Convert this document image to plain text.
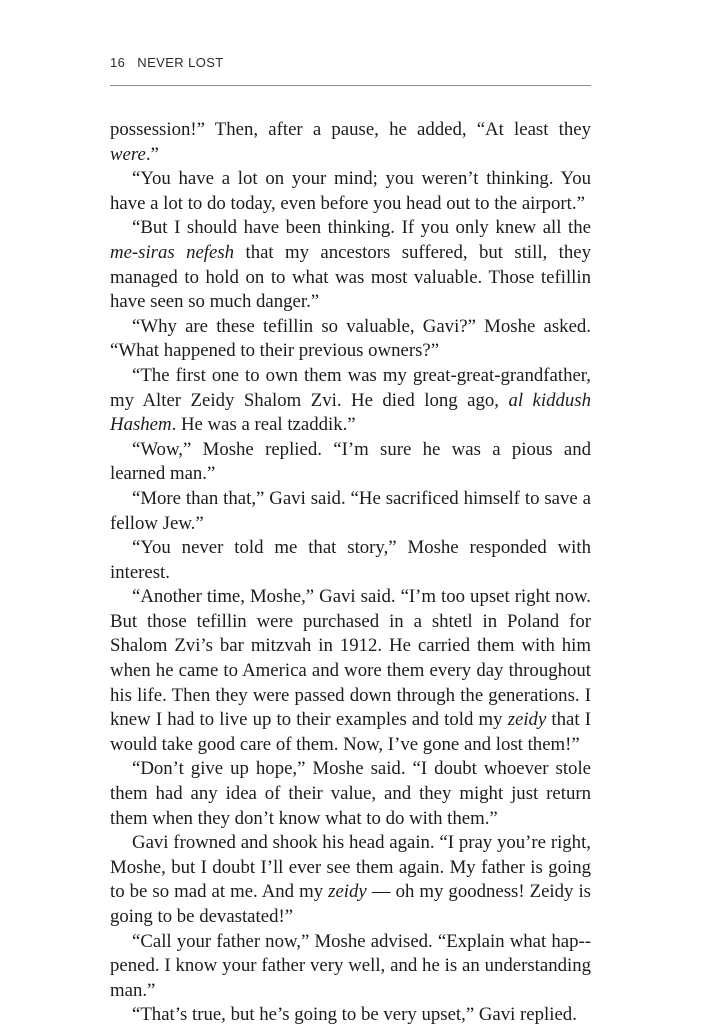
16 NEVER LOST

possession!” Then, after a pause, he added, “At least they were.”

“You have a lot on your mind; you weren’t thinking. You have a lot to do today, even before you head out to the airport.”

“But I should have been thinking. If you only knew all the me-siras nefesh that my ancestors suffered, but still, they managed to hold on to what was most valuable. Those tefillin have seen so much danger.”

“Why are these tefillin so valuable, Gavi?” Moshe asked. “What happened to their previous owners?”

“The first one to own them was my great-great-grandfather, my Alter Zeidy Shalom Zvi. He died long ago, al kiddush Hashem. He was a real tzaddik.”

“Wow,” Moshe replied. “I’m sure he was a pious and learned man.”

“More than that,” Gavi said. “He sacrificed himself to save a fellow Jew.”

“You never told me that story,” Moshe responded with interest.

“Another time, Moshe,” Gavi said. “I’m too upset right now. But those tefillin were purchased in a shtetl in Poland for Shalom Zvi’s bar mitzvah in 1912. He carried them with him when he came to America and wore them every day throughout his life. Then they were passed down through the generations. I knew I had to live up to their examples and told my zeidy that I would take good care of them. Now, I’ve gone and lost them!”

“Don’t give up hope,” Moshe said. “I doubt whoever stole them had any idea of their value, and they might just return them when they don’t know what to do with them.”

Gavi frowned and shook his head again. “I pray you’re right, Moshe, but I doubt I’ll ever see them again. My father is going to be so mad at me. And my zeidy — oh my goodness! Zeidy is going to be devastated!”

“Call your father now,” Moshe advised. “Explain what hap-pened. I know your father very well, and he is an understanding man.”

“That’s true, but he’s going to be very upset,” Gavi replied.
